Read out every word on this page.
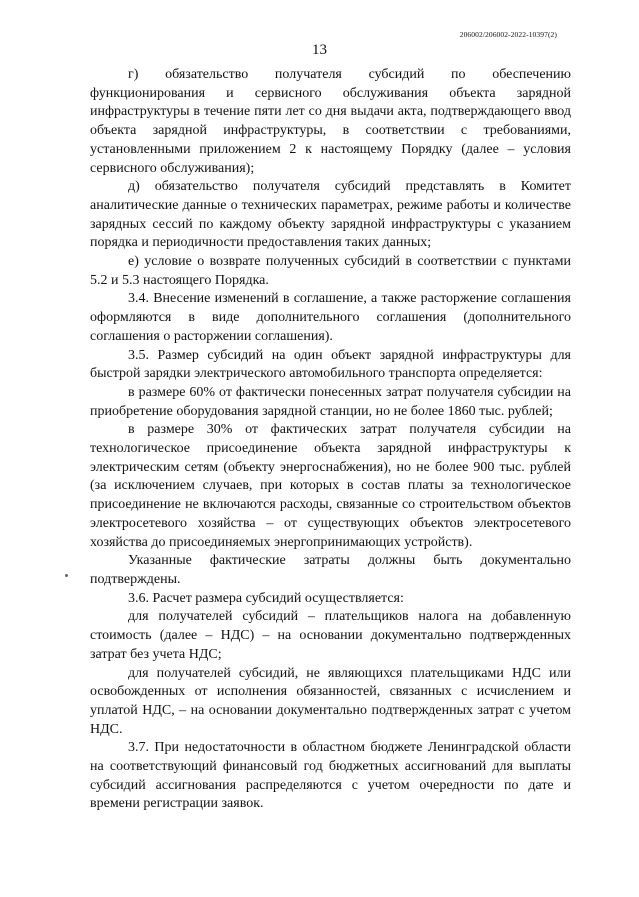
206002/206002-2022-10397(2)
13

г) обязательство получателя субсидий по обеспечению функционирования и сервисного обслуживания объекта зарядной инфраструктуры в течение пяти лет со дня выдачи акта, подтверждающего ввод объекта зарядной инфраструктуры, в соответствии с требованиями, установленными приложением 2 к настоящему Порядку (далее – условия сервисного обслуживания);

д) обязательство получателя субсидий представлять в Комитет аналитические данные о технических параметрах, режиме работы и количестве зарядных сессий по каждому объекту зарядной инфраструктуры с указанием порядка и периодичности предоставления таких данных;

е) условие о возврате полученных субсидий в соответствии с пунктами 5.2 и 5.3 настоящего Порядка.

3.4. Внесение изменений в соглашение, а также расторжение соглашения оформляются в виде дополнительного соглашения (дополнительного соглашения о расторжении соглашения).

3.5. Размер субсидий на один объект зарядной инфраструктуры для быстрой зарядки электрического автомобильного транспорта определяется:

в размере 60% от фактически понесенных затрат получателя субсидии на приобретение оборудования зарядной станции, но не более 1860 тыс. рублей;

в размере 30% от фактических затрат получателя субсидии на технологическое присоединение объекта зарядной инфраструктуры к электрическим сетям (объекту энергоснабжения), но не более 900 тыс. рублей (за исключением случаев, при которых в состав платы за технологическое присоединение не включаются расходы, связанные со строительством объектов электросетевого хозяйства – от существующих объектов электросетевого хозяйства до присоединяемых энергопринимающих устройств).

Указанные фактические затраты должны быть документально подтверждены.

3.6. Расчет размера субсидий осуществляется:

для получателей субсидий – плательщиков налога на добавленную стоимость (далее – НДС) – на основании документально подтвержденных затрат без учета НДС;

для получателей субсидий, не являющихся плательщиками НДС или освобожденных от исполнения обязанностей, связанных с исчислением и уплатой НДС, – на основании документально подтвержденных затрат с учетом НДС.

3.7. При недостаточности в областном бюджете Ленинградской области на соответствующий финансовый год бюджетных ассигнований для выплаты субсидий ассигнования распределяются с учетом очередности по дате и времени регистрации заявок.
